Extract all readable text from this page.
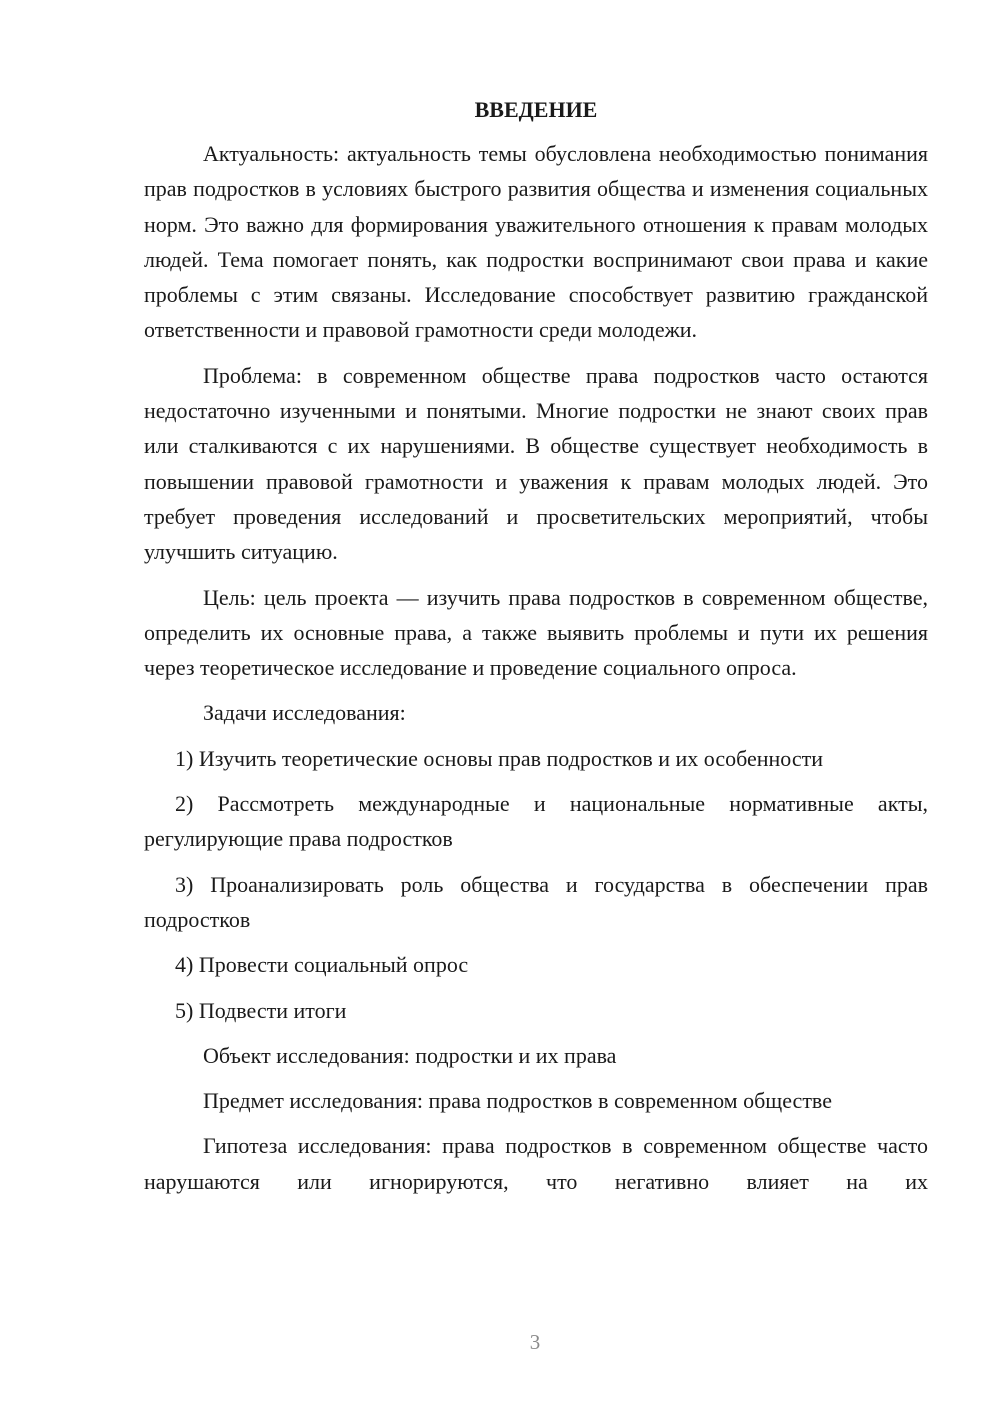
ВВЕДЕНИЕ

Актуальность: актуальность темы обусловлена необходимостью понимания прав подростков в условиях быстрого развития общества и изменения социальных норм. Это важно для формирования уважительного отношения к правам молодых людей. Тема помогает понять, как подростки воспринимают свои права и какие проблемы с этим связаны. Исследование способствует развитию гражданской ответственности и правовой грамотности среди молодежи.

Проблема: в современном обществе права подростков часто остаются недостаточно изученными и понятыми. Многие подростки не знают своих прав или сталкиваются с их нарушениями. В обществе существует необходимость в повышении правовой грамотности и уважения к правам молодых людей. Это требует проведения исследований и просветительских мероприятий, чтобы улучшить ситуацию.

Цель: цель проекта — изучить права подростков в современном обществе, определить их основные права, а также выявить проблемы и пути их решения через теоретическое исследование и проведение социального опроса.

Задачи исследования:

1) Изучить теоретические основы прав подростков и их особенности

2) Рассмотреть международные и национальные нормативные акты, регулирующие права подростков

3) Проанализировать роль общества и государства в обеспечении прав подростков

4) Провести социальный опрос

5) Подвести итоги

Объект исследования: подростки и их права

Предмет исследования: права подростков в современном обществе

Гипотеза исследования: права подростков в современном обществе часто нарушаются или игнорируются, что негативно влияет на их

3
